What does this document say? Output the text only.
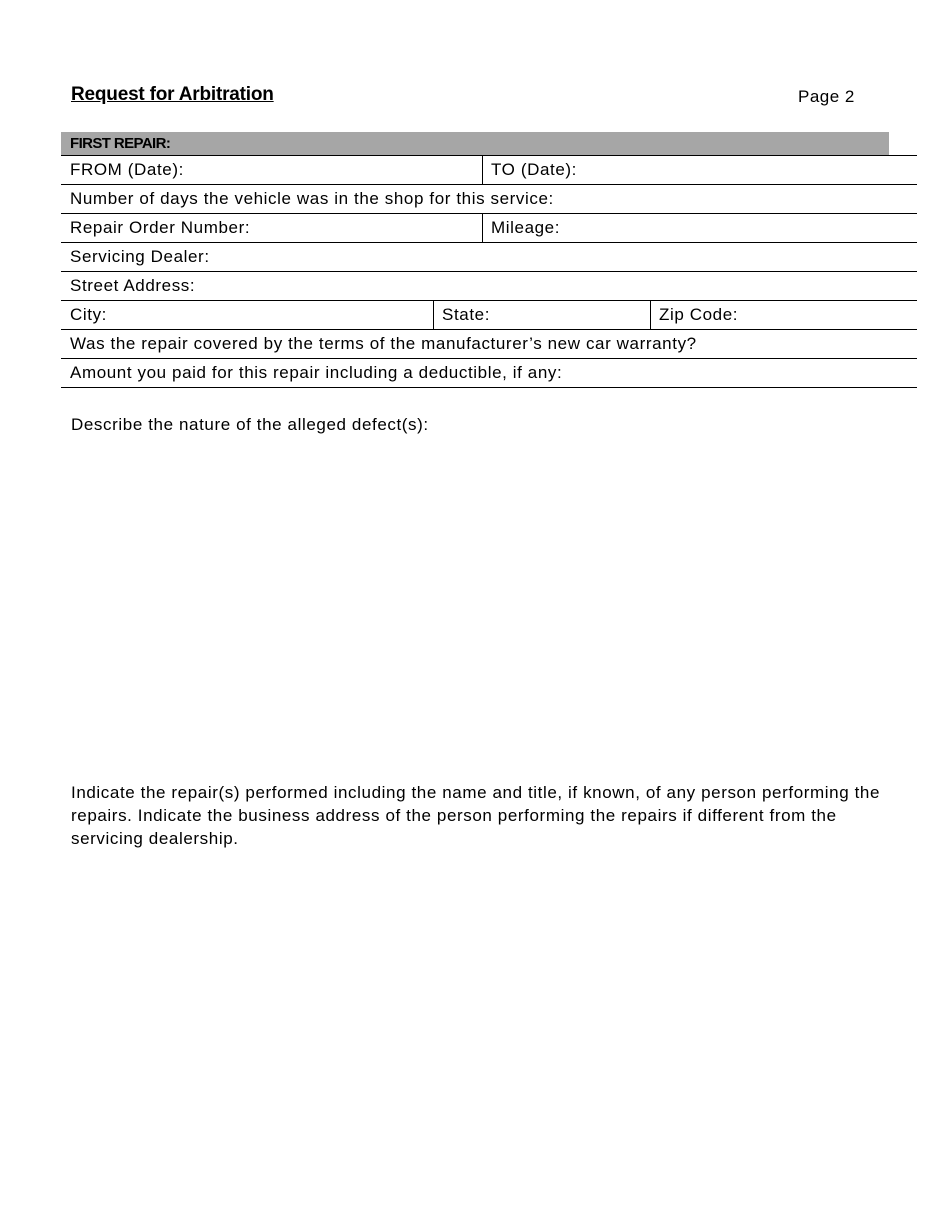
Request for Arbitration	Page 2
FIRST REPAIR:
FROM (Date):	TO (Date):
Number of days the vehicle was in the shop for this service:
Repair Order Number:	Mileage:
Servicing Dealer:
Street Address:
City:	State:	Zip Code:
Was the repair covered by the terms of the manufacturer’s new car warranty?
Amount you paid for this repair including a deductible, if any:
Describe the nature of the alleged defect(s):
Indicate the repair(s) performed including the name and title, if known, of any person performing the repairs. Indicate the business address of the person performing the repairs if different from the servicing dealership.
